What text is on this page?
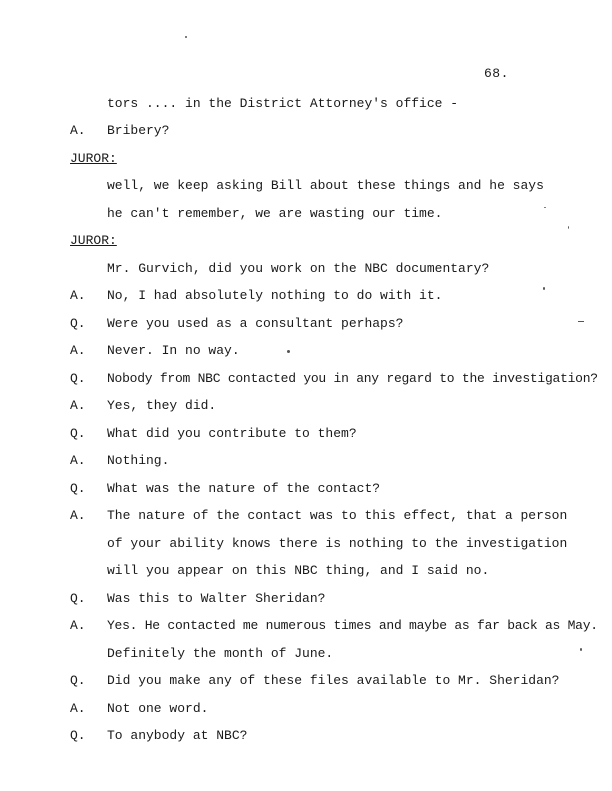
68.
tors .... in the District Attorney's office -
A. Bribery?
JUROR:
well, we keep asking Bill about these things and he says
he can't remember, we are wasting our time.
JUROR:
Mr. Gurvich, did you work on the NBC documentary?
A. No, I had absolutely nothing to do with it.
Q. Were you used as a consultant perhaps?
A. Never. In no way.
Q. Nobody from NBC contacted you in any regard to the investigation?
A. Yes, they did.
Q. What did you contribute to them?
A. Nothing.
Q. What was the nature of the contact?
A. The nature of the contact was to this effect, that a person
of your ability knows there is nothing to the investigation
will you appear on this NBC thing, and I said no.
Q. Was this to Walter Sheridan?
A. Yes. He contacted me numerous times and maybe as far back as May.
Definitely the month of June.
Q. Did you make any of these files available to Mr. Sheridan?
A. Not one word.
Q. To anybody at NBC?
